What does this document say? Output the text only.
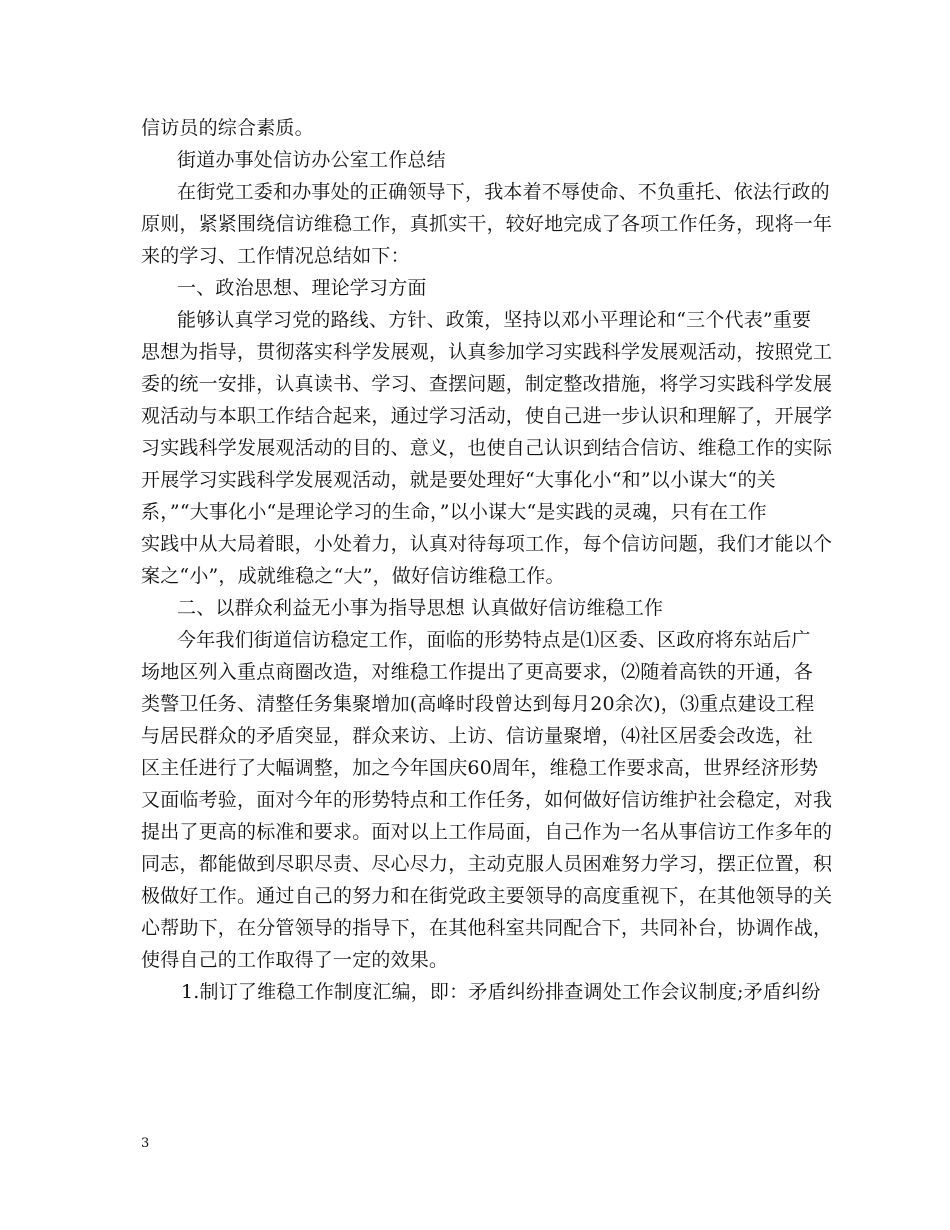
信访员的综合素质。
街道办事处信访办公室工作总结
在街党工委和办事处的正确领导下，我本着不辱使命、不负重托、依法行政的
原则，紧紧围绕信访维稳工作，真抓实干，较好地完成了各项工作任务，现将一年
来的学习、工作情况总结如下：
一、政治思想、理论学习方面
能够认真学习党的路线、方针、政策，坚持以邓小平理论和“三个代表”重要
思想为指导，贯彻落实科学发展观，认真参加学习实践科学发展观活动，按照党工
委的统一安排，认真读书、学习、查摆问题，制定整改措施，将学习实践科学发展
观活动与本职工作结合起来，通过学习活动，使自己进一步认识和理解了，开展学
习实践科学发展观活动的目的、意义，也使自己认识到结合信访、维稳工作的实际
开展学习实践科学发展观活动，就是要处理好“大事化小“和”以小谋大“的关
系，”“大事化小“是理论学习的生命，”以小谋大“是实践的灵魂，只有在工作
实践中从大局着眼，小处着力，认真对待每项工作，每个信访问题，我们才能以个
案之“小”，成就维稳之“大”，做好信访维稳工作。
二、以群众利益无小事为指导思想 认真做好信访维稳工作
今年我们街道信访稳定工作，面临的形势特点是⑴区委、区政府将东站后广
场地区列入重点商圈改造，对维稳工作提出了更高要求，⑵随着高铁的开通，各
类警卫任务、清整任务集聚增加(高峰时段曾达到每月20余次)，⑶重点建设工程
与居民群众的矛盾突显，群众来访、上访、信访量聚增，⑷社区居委会改选，社
区主任进行了大幅调整，加之今年国庆60周年，维稳工作要求高，世界经济形势
又面临考验，面对今年的形势特点和工作任务，如何做好信访维护社会稳定，对我
提出了更高的标准和要求。面对以上工作局面，自己作为一名从事信访工作多年的
同志，都能做到尽职尽责、尽心尽力，主动克服人员困难努力学习，摆正位置，积
极做好工作。通过自己的努力和在街党政主要领导的高度重视下，在其他领导的关
心帮助下，在分管领导的指导下，在其他科室共同配合下，共同补台，协调作战，
使得自己的工作取得了一定的效果。
1.制订了维稳工作制度汇编，即：矛盾纠纷排查调处工作会议制度;矛盾纠纷
3
